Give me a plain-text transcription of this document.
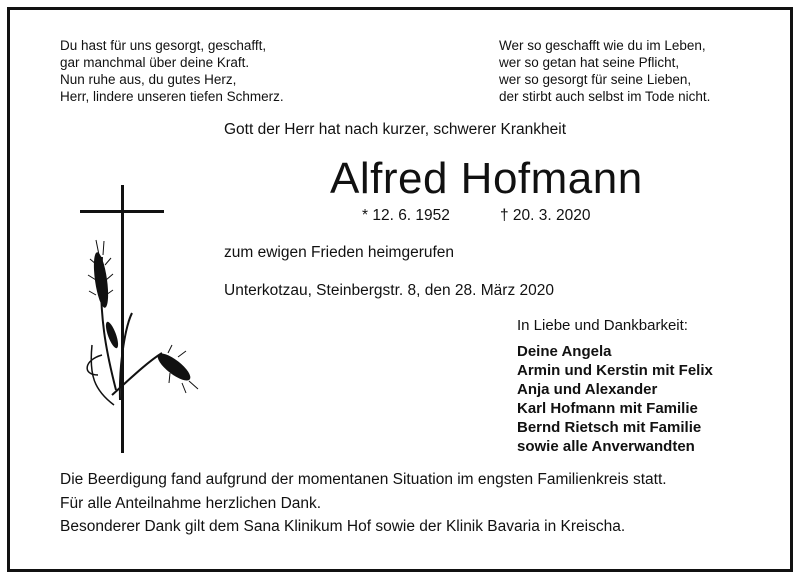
Du hast für uns gesorgt, geschafft,
gar manchmal über deine Kraft.
Nun ruhe aus, du gutes Herz,
Herr, lindere unseren tiefen Schmerz.
Wer so geschafft wie du im Leben,
wer so getan hat seine Pflicht,
wer so gesorgt für seine Lieben,
der stirbt auch selbst im Tode nicht.
Gott der Herr hat nach kurzer, schwerer Krankheit
Alfred Hofmann
* 12. 6. 1952	† 20. 3. 2020
zum ewigen Frieden heimgerufen
Unterkotzau, Steinbergstr. 8, den 28. März 2020
In Liebe und Dankbarkeit:
Deine Angela
Armin und Kerstin mit Felix
Anja und Alexander
Karl Hofmann mit Familie
Bernd Rietsch mit Familie
sowie alle Anverwandten
Die Beerdigung fand aufgrund der momentanen Situation im engsten Familienkreis statt.
Für alle Anteilnahme herzlichen Dank.
Besonderer Dank gilt dem Sana Klinikum Hof sowie der Klinik Bavaria in Kreischa.
